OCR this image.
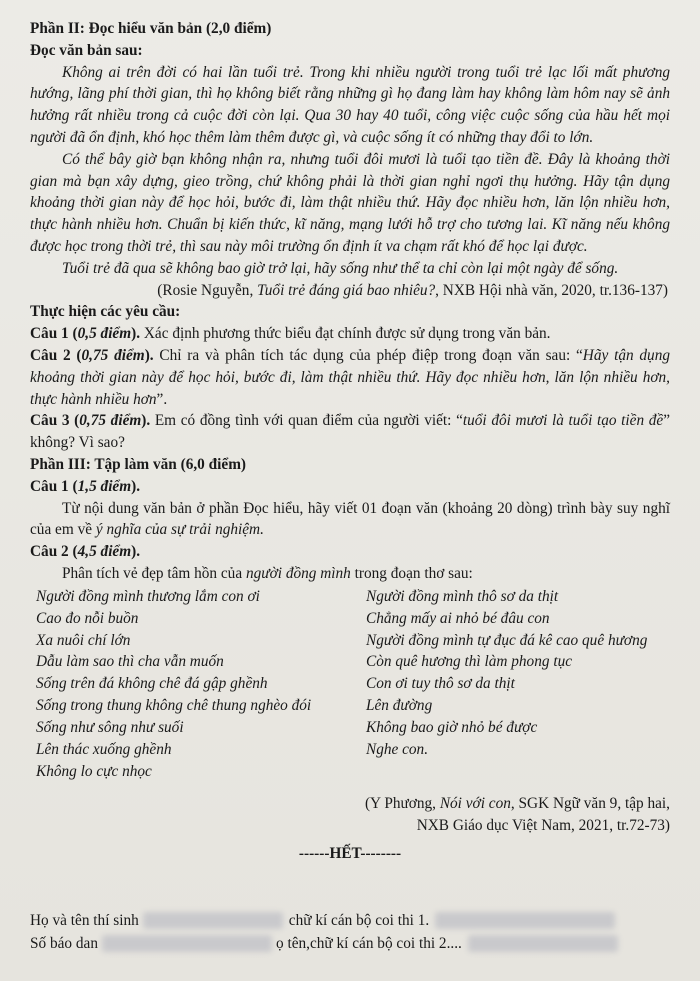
Phần II: Đọc hiểu văn bản (2,0 điểm)

Đọc văn bản sau:

Không ai trên đời có hai lần tuổi trẻ. Trong khi nhiều người trong tuổi trẻ lạc lối mất phương hướng, lãng phí thời gian, thì họ không biết rằng những gì họ đang làm hay không làm hôm nay sẽ ảnh hưởng rất nhiều trong cả cuộc đời còn lại. Qua 30 hay 40 tuổi, công việc cuộc sống của hầu hết mọi người đã ổn định, khó học thêm làm thêm được gì, và cuộc sống ít có những thay đổi to lớn.

Có thể bây giờ bạn không nhận ra, nhưng tuổi đôi mươi là tuổi tạo tiền đề. Đây là khoảng thời gian mà bạn xây dựng, gieo trồng, chứ không phải là thời gian nghỉ ngơi thụ hưởng. Hãy tận dụng khoảng thời gian này để học hỏi, bước đi, làm thật nhiều thứ. Hãy đọc nhiều hơn, lăn lộn nhiều hơn, thực hành nhiều hơn. Chuẩn bị kiến thức, kĩ năng, mạng lưới hỗ trợ cho tương lai. Kĩ năng nếu không được học trong thời trẻ, thì sau này môi trường ổn định ít va chạm rất khó để học lại được.

Tuổi trẻ đã qua sẽ không bao giờ trở lại, hãy sống như thể ta chỉ còn lại một ngày để sống.

(Rosie Nguyễn, Tuổi trẻ đáng giá bao nhiêu?, NXB Hội nhà văn, 2020, tr.136-137)

Thực hiện các yêu cầu:

Câu 1 (0,5 điểm). Xác định phương thức biểu đạt chính được sử dụng trong văn bản.

Câu 2 (0,75 điểm). Chỉ ra và phân tích tác dụng của phép điệp trong đoạn văn sau: “Hãy tận dụng khoảng thời gian này để học hỏi, bước đi, làm thật nhiều thứ. Hãy đọc nhiều hơn, lăn lộn nhiều hơn, thực hành nhiều hơn”.

Câu 3 (0,75 điểm). Em có đồng tình với quan điểm của người viết: “tuổi đôi mươi là tuổi tạo tiền đề” không? Vì sao?

Phần III: Tập làm văn (6,0 điểm)

Câu 1 (1,5 điểm).

Từ nội dung văn bản ở phần Đọc hiểu, hãy viết 01 đoạn văn (khoảng 20 dòng) trình bày suy nghĩ của em về ý nghĩa của sự trải nghiệm.

Câu 2 (4,5 điểm).

Phân tích vẻ đẹp tâm hồn của người đồng mình trong đoạn thơ sau:

Người đồng mình thương lắm con ơi
Cao đo nỗi buồn
Xa nuôi chí lớn
Dẫu làm sao thì cha vẫn muốn
Sống trên đá không chê đá gập ghềnh
Sống trong thung không chê thung nghèo đói
Sống như sông như suối
Lên thác xuống ghềnh
Không lo cực nhọc
Người đồng mình thô sơ da thịt
Chẳng mấy ai nhỏ bé đâu con
Người đồng mình tự đục đá kê cao quê hương
Còn quê hương thì làm phong tục
Con ơi tuy thô sơ da thịt
Lên đường
Không bao giờ nhỏ bé được
Nghe con.
(Y Phương, Nói với con, SGK Ngữ văn 9, tập hai,
NXB Giáo dục Việt Nam, 2021, tr.72-73)

------HẾT--------

Họ và tên thí sinh	chữ kí cán bộ coi thi 1.
Số báo dan	ọ tên, chữ kí cán bộ coi thi 2....
